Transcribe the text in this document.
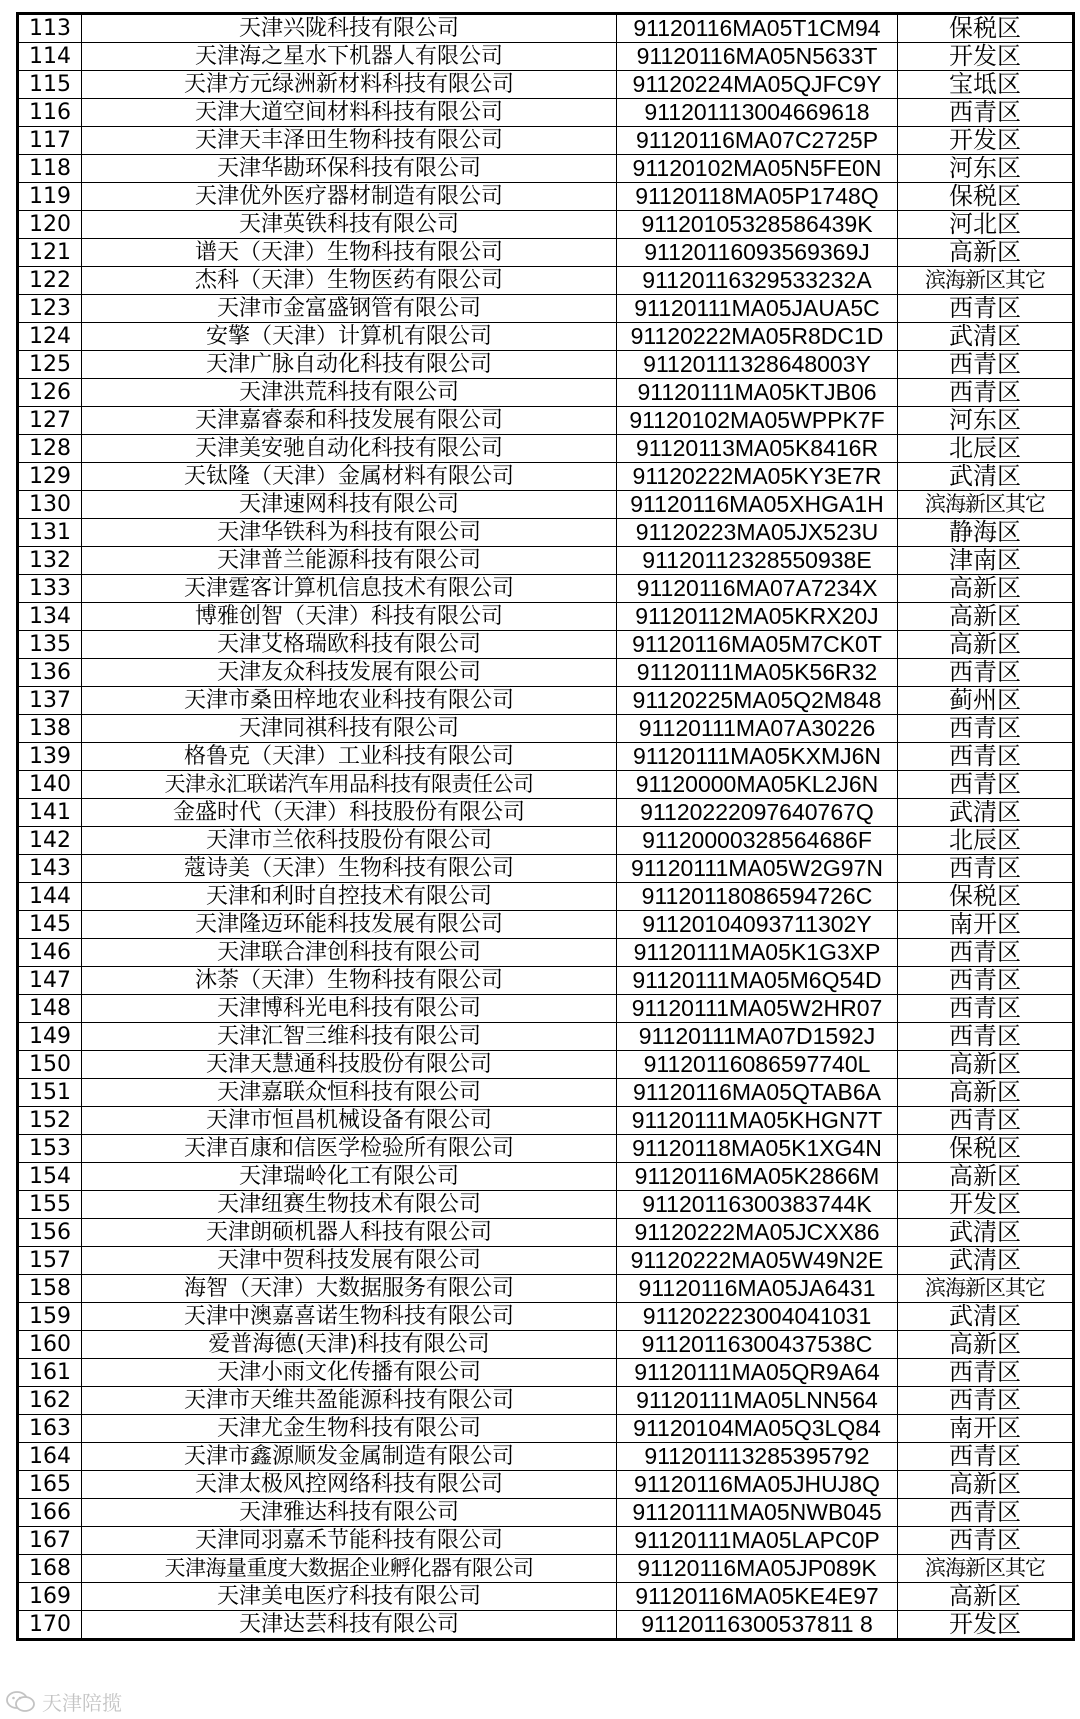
113	天津兴陇科技有限公司	91120116MA05T1CM94	保税区
114	天津海之星水下机器人有限公司	91120116MA05N5633T	开发区
115	天津方元绿洲新材料科技有限公司	91120224MA05QJFC9Y	宝坻区
116	天津大道空间材料科技有限公司	911201113004669618	西青区
117	天津天丰泽田生物科技有限公司	91120116MA07C2725P	开发区
118	天津华勘环保科技有限公司	91120102MA05N5FE0N	河东区
119	天津优外医疗器材制造有限公司	91120118MA05P1748Q	保税区
120	天津英铁科技有限公司	91120105328586439K	河北区
121	谱天（天津）生物科技有限公司	91120116093569369J	高新区
122	杰科（天津）生物医药有限公司	91120116329533232A	滨海新区其它
123	天津市金富盛钢管有限公司	91120111MA05JAUA5C	西青区
124	安擎（天津）计算机有限公司	91120222MA05R8DC1D	武清区
125	天津广脉自动化科技有限公司	91120111328648003Y	西青区
126	天津洪荒科技有限公司	91120111MA05KTJB06	西青区
127	天津嘉睿泰和科技发展有限公司	91120102MA05WPPK7F	河东区
128	天津美安驰自动化科技有限公司	91120113MA05K8416R	北辰区
129	天钛隆（天津）金属材料有限公司	91120222MA05KY3E7R	武清区
130	天津速网科技有限公司	91120116MA05XHGA1H	滨海新区其它
131	天津华铁科为科技有限公司	91120223MA05JX523U	静海区
132	天津普兰能源科技有限公司	91120112328550938E	津南区
133	天津霆客计算机信息技术有限公司	91120116MA07A7234X	高新区
134	博雅创智（天津）科技有限公司	91120112MA05KRX20J	高新区
135	天津艾格瑞欧科技有限公司	91120116MA05M7CK0T	高新区
136	天津友众科技发展有限公司	91120111MA05K56R32	西青区
137	天津市桑田梓地农业科技有限公司	91120225MA05Q2M848	蓟州区
138	天津同祺科技有限公司	91120111MA07A30226	西青区
139	格鲁克（天津）工业科技有限公司	91120111MA05KXMJ6N	西青区
140	天津永汇联诺汽车用品科技有限责任公司	91120000MA05KL2J6N	西青区
141	金盛时代（天津）科技股份有限公司	91120222097640767Q	武清区
142	天津市兰依科技股份有限公司	91120000328564686F	北辰区
143	蔻诗美（天津）生物科技有限公司	91120111MA05W2G97N	西青区
144	天津和利时自控技术有限公司	91120118086594726C	保税区
145	天津隆迈环能科技发展有限公司	91120104093711302Y	南开区
146	天津联合津创科技有限公司	91120111MA05K1G3XP	西青区
147	沐荼（天津）生物科技有限公司	91120111MA05M6Q54D	西青区
148	天津博科光电科技有限公司	91120111MA05W2HR07	西青区
149	天津汇智三维科技有限公司	91120111MA07D1592J	西青区
150	天津天慧通科技股份有限公司	91120116086597740L	高新区
151	天津嘉联众恒科技有限公司	91120116MA05QTAB6A	高新区
152	天津市恒昌机械设备有限公司	91120111MA05KHGN7T	西青区
153	天津百康和信医学检验所有限公司	91120118MA05K1XG4N	保税区
154	天津瑞岭化工有限公司	91120116MA05K2866M	高新区
155	天津纽赛生物技术有限公司	91120116300383744K	开发区
156	天津朗硕机器人科技有限公司	91120222MA05JCXX86	武清区
157	天津中贺科技发展有限公司	91120222MA05W49N2E	武清区
158	海智（天津）大数据服务有限公司	91120116MA05JA6431	滨海新区其它
159	天津中澳嘉喜诺生物科技有限公司	911202223004041031	武清区
160	爱普海德(天津)科技有限公司	91120116300437538C	高新区
161	天津小雨文化传播有限公司	91120111MA05QR9A64	西青区
162	天津市天维共盈能源科技有限公司	91120111MA05LNN564	西青区
163	天津尤金生物科技有限公司	91120104MA05Q3LQ84	南开区
164	天津市鑫源顺发金属制造有限公司	911201113285395792	西青区
165	天津太极风控网络科技有限公司	91120116MA05JHUJ8Q	高新区
166	天津雅达科技有限公司	91120111MA05NWB045	西青区
167	天津同羽嘉禾节能科技有限公司	91120111MA05LAPC0P	西青区
168	天津海量重度大数据企业孵化器有限公司	91120116MA05JP089K	滨海新区其它
169	天津美电医疗科技有限公司	91120116MA05KE4E97	高新区
170	天津达芸科技有限公司	91120116300537811 8	开发区
天津陪揽
